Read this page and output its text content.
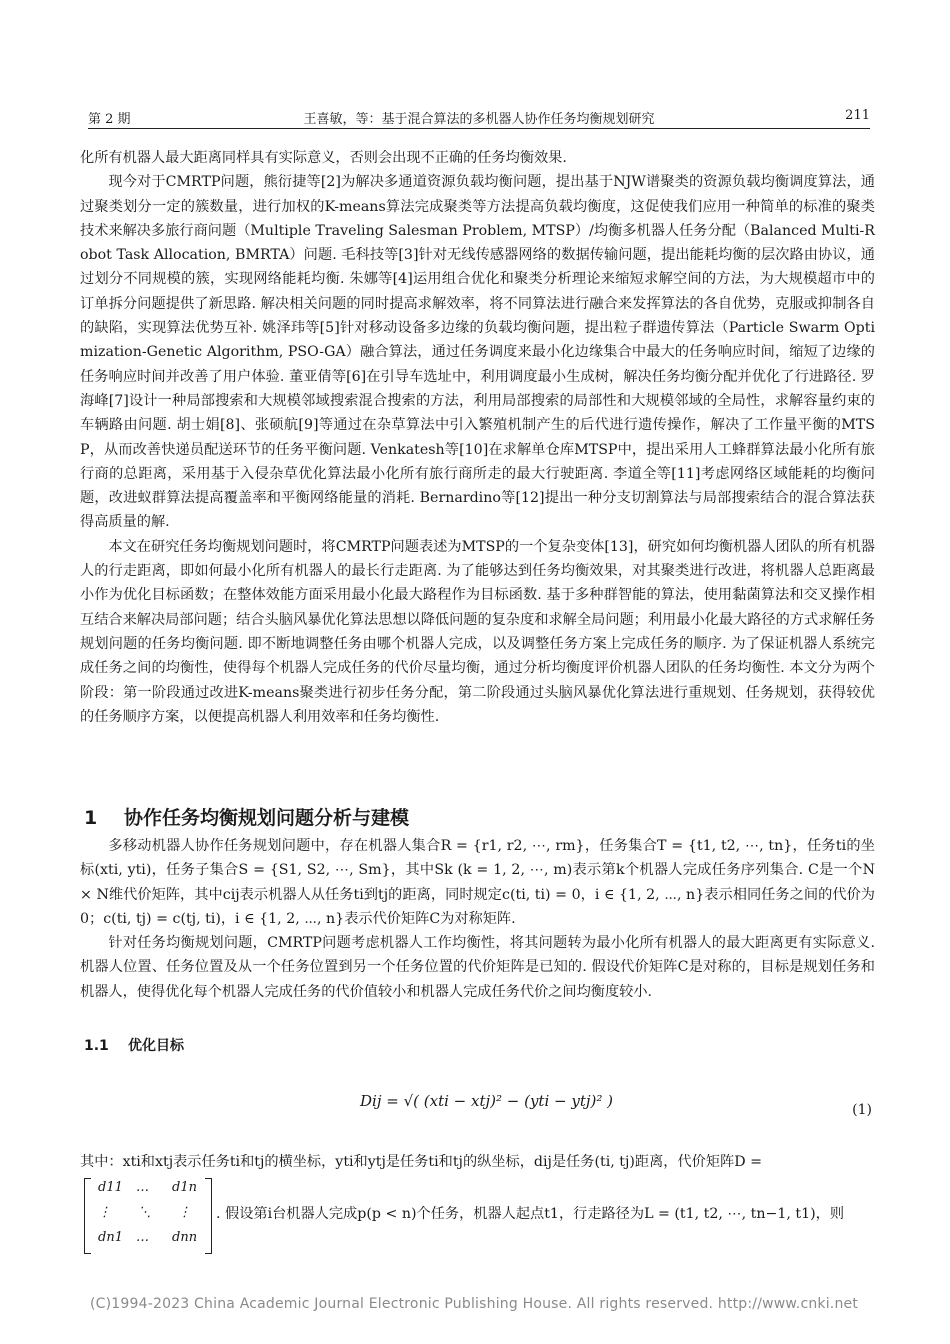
第 2 期	王喜敏，等：基于混合算法的多机器人协作任务均衡规划研究	211

化所有机器人最大距离同样具有实际意义，否则会出现不正确的任务均衡效果.

现今对于CMRTP问题，熊衍捷等[2]为解决多通道资源负载均衡问题，提出基于NJW谱聚类的资源负载均衡调度算法，通过聚类划分一定的簇数量，进行加权的K-means算法完成聚类等方法提高负载均衡度，这促使我们应用一种简单的标准的聚类技术来解决多旅行商问题（Multiple Traveling Salesman Problem, MTSP）/均衡多机器人任务分配（Balanced Multi-Robot Task Allocation, BMRTA）问题. 毛科技等[3]针对无线传感器网络的数据传输问题，提出能耗均衡的层次路由协议，通过划分不同规模的簇，实现网络能耗均衡. 朱娜等[4]运用组合优化和聚类分析理论来缩短求解空间的方法，为大规模超市中的订单拆分问题提供了新思路. 解决相关问题的同时提高求解效率，将不同算法进行融合来发挥算法的各自优势，克服或抑制各自的缺陷，实现算法优势互补. 姚泽玮等[5]针对移动设备多边缘的负载均衡问题，提出粒子群遗传算法（Particle Swarm Optimization-Genetic Algorithm, PSO-GA）融合算法，通过任务调度来最小化边缘集合中最大的任务响应时间，缩短了边缘的任务响应时间并改善了用户体验. 董亚倩等[6]在引导车选址中，利用调度最小生成树，解决任务均衡分配并优化了行进路径. 罗海峰[7]设计一种局部搜索和大规模邻域搜索混合搜索的方法，利用局部搜索的局部性和大规模邻域的全局性，求解容量约束的车辆路由问题. 胡士娟[8]、张硕航[9]等通过在杂草算法中引入繁殖机制产生的后代进行遗传操作，解决了工作量平衡的MTSP，从而改善快递员配送环节的任务平衡问题. Venkatesh等[10]在求解单仓库MTSP中，提出采用人工蜂群算法最小化所有旅行商的总距离，采用基于入侵杂草优化算法最小化所有旅行商所走的最大行驶距离. 李道全等[11]考虑网络区域能耗的均衡问题，改进蚁群算法提高覆盖率和平衡网络能量的消耗. Bernardino等[12]提出一种分支切割算法与局部搜索结合的混合算法获得高质量的解.

本文在研究任务均衡规划问题时，将CMRTP问题表述为MTSP的一个复杂变体[13]，研究如何均衡机器人团队的所有机器人的行走距离，即如何最小化所有机器人的最长行走距离. 为了能够达到任务均衡效果，对其聚类进行改进，将机器人总距离最小作为优化目标函数；在整体效能方面采用最小化最大路程作为目标函数. 基于多种群智能的算法，使用黏菌算法和交叉操作相互结合来解决局部问题；结合头脑风暴优化算法思想以降低问题的复杂度和求解全局问题；利用最小化最大路径的方式求解任务规划问题的任务均衡问题. 即不断地调整任务由哪个机器人完成，以及调整任务方案上完成任务的顺序. 为了保证机器人系统完成任务之间的均衡性，使得每个机器人完成任务的代价尽量均衡，通过分析均衡度评价机器人团队的任务均衡性. 本文分为两个阶段：第一阶段通过改进K-means聚类进行初步任务分配，第二阶段通过头脑风暴优化算法进行重规划、任务规划，获得较优的任务顺序方案，以便提高机器人利用效率和任务均衡性.

1 协作任务均衡规划问题分析与建模

多移动机器人协作任务规划问题中，存在机器人集合R = {r1, r2, ⋯, rm}，任务集合T = {t1, t2, ⋯, tn}，任务ti的坐标(xti, yti)，任务子集合S = {S1, S2, ⋯, Sm}，其中Sk (k = 1, 2, ⋯, m)表示第k个机器人完成任务序列集合. C是一个N × N维代价矩阵，其中cij表示机器人从任务ti到tj的距离，同时规定c(ti, ti) = 0，i ∈ {1, 2, ⋯, n}表示相同任务之间的代价为0；c(ti, tj) = c(tj, ti)，i ∈ {1, 2, ⋯, n}表示代价矩阵C为对称矩阵.

针对任务均衡规划问题，CMRTP问题考虑机器人工作均衡性，将其问题转为最小化所有机器人的最大距离更有实际意义. 机器人位置、任务位置及从一个任务位置到另一个任务位置的代价矩阵是已知的. 假设代价矩阵C是对称的，目标是规划任务和机器人，使得优化每个机器人完成任务的代价值较小和机器人完成任务代价之间均衡度较小.

1.1 优化目标
Dij = √( (xti − xtj)² − (yti − ytj)² )	(1)
其中：xti和xtj表示任务ti和tj的横坐标，yti和ytj是任务ti和tj的纵坐标，dij是任务(ti, tj)距离，代价矩阵D =
d11 … d1n
⋮ ⋱ ⋮
dn1 … dnn
. 假设第i台机器人完成p(p < n)个任务，机器人起点t1，行走路径为L = (t1, t2, ⋯, tn−1, t1)，则
(C)1994-2023 China Academic Journal Electronic Publishing House. All rights reserved. http://www.cnki.net
